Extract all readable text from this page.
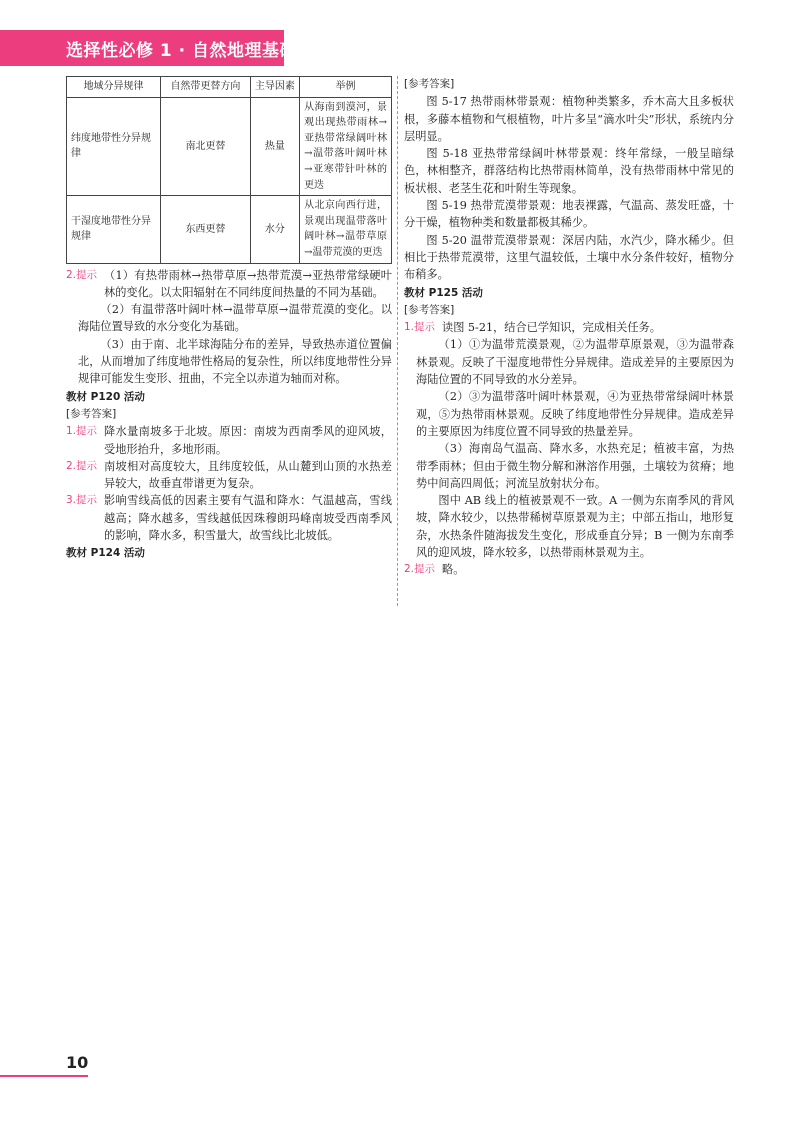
选择性必修 1 · 自然地理基础
地域分异规律	自然带更替方向	主导因素	举例
纬度地带性分异规律	南北更替	热量	从海南到漠河，景观出现热带雨林→亚热带常绿阔叶林→温带落叶阔叶林→亚寒带针叶林的更迭
干湿度地带性分异规律	东西更替	水分	从北京向西行进，景观出现温带落叶阔叶林→温带草原→温带荒漠的更迭
2.提示 （1）有热带雨林→热带草原→热带荒漠→亚热带常绿硬叶林的变化。以太阳辐射在不同纬度间热量的不同为基础。
（2）有温带落叶阔叶林→温带草原→温带荒漠的变化。以海陆位置导致的水分变化为基础。
（3）由于南、北半球海陆分布的差异，导致热赤道位置偏北，从而增加了纬度地带性格局的复杂性，所以纬度地带性分异规律可能发生变形、扭曲，不完全以赤道为轴而对称。
教材 P120 活动
[参考答案]
1.提示 降水量南坡多于北坡。原因：南坡为西南季风的迎风坡，受地形抬升，多地形雨。
2.提示 南坡相对高度较大，且纬度较低，从山麓到山顶的水热差异较大，故垂直带谱更为复杂。
3.提示 影响雪线高低的因素主要有气温和降水：气温越高，雪线越高；降水越多，雪线越低因珠穆朗玛峰南坡受西南季风的影响，降水多，积雪量大，故雪线比北坡低。
教材 P124 活动
[参考答案]
图 5-17 热带雨林带景观：植物种类繁多，乔木高大且多板状根，多藤本植物和气根植物，叶片多呈“滴水叶尖”形状，系统内分层明显。
图 5-18 亚热带常绿阔叶林带景观：终年常绿，一般呈暗绿色，林相整齐，群落结构比热带雨林简单，没有热带雨林中常见的板状根、老茎生花和叶附生等现象。
图 5-19 热带荒漠带景观：地表裸露，气温高、蒸发旺盛，十分干燥，植物种类和数量都极其稀少。
图 5-20 温带荒漠带景观：深居内陆，水汽少，降水稀少。但相比于热带荒漠带，这里气温较低，土壤中水分条件较好，植物分布稍多。
教材 P125 活动
[参考答案]
1.提示 读图 5-21，结合已学知识，完成相关任务。
（1）①为温带荒漠景观，②为温带草原景观，③为温带森林景观。反映了干湿度地带性分异规律。造成差异的主要原因为海陆位置的不同导致的水分差异。
（2）③为温带落叶阔叶林景观，④为亚热带常绿阔叶林景观，⑤为热带雨林景观。反映了纬度地带性分异规律。造成差异的主要原因为纬度位置不同导致的热量差异。
（3）海南岛气温高、降水多，水热充足；植被丰富，为热带季雨林；但由于微生物分解和淋溶作用强，土壤较为贫瘠；地势中间高四周低；河流呈放射状分布。
图中 AB 线上的植被景观不一致。A 一侧为东南季风的背风坡，降水较少，以热带稀树草原景观为主；中部五指山，地形复杂，水热条件随海拔发生变化，形成垂直分异；B 一侧为东南季风的迎风坡，降水较多，以热带雨林景观为主。
2.提示 略。
10
